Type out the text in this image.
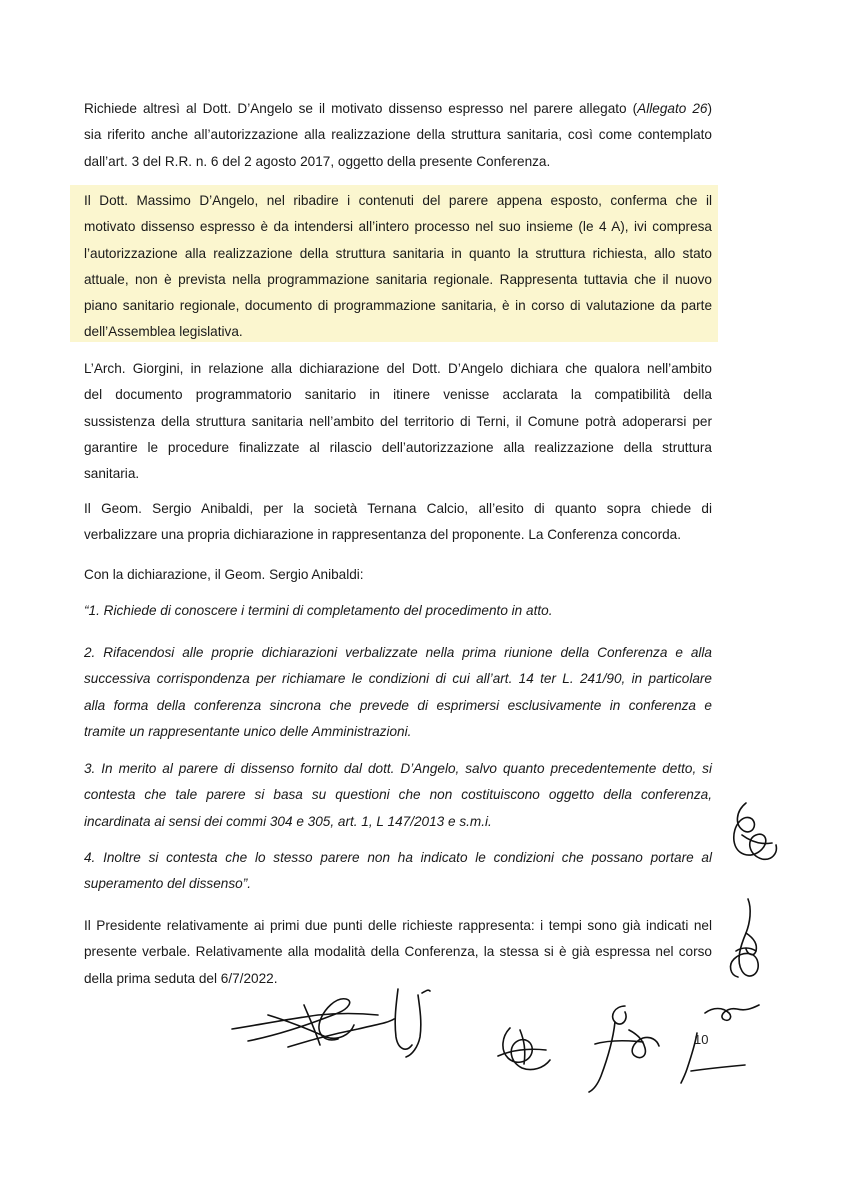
Richiede altresì al Dott. D’Angelo se il motivato dissenso espresso nel parere allegato (Allegato 26)
sia riferito anche all’autorizzazione alla realizzazione della struttura sanitaria, così come contemplato
dall’art. 3 del R.R. n. 6 del 2 agosto 2017, oggetto della presente Conferenza.
Il Dott. Massimo D’Angelo, nel ribadire i contenuti del parere appena esposto, conferma che il
motivato dissenso espresso è da intendersi all’intero processo nel suo insieme (le 4 A), ivi compresa
l’autorizzazione alla realizzazione della struttura sanitaria in quanto la struttura richiesta, allo stato
attuale, non è prevista nella programmazione sanitaria regionale. Rappresenta tuttavia che il nuovo
piano sanitario regionale, documento di programmazione sanitaria, è in corso di valutazione da parte
dell’Assemblea legislativa.
L’Arch. Giorgini, in relazione alla dichiarazione del Dott. D’Angelo dichiara che qualora nell’ambito
del documento programmatorio sanitario in itinere venisse acclarata la compatibilità della
sussistenza della struttura sanitaria nell’ambito del territorio di Terni, il Comune potrà adoperarsi per
garantire le procedure finalizzate al rilascio dell’autorizzazione alla realizzazione della struttura
sanitaria.
Il Geom. Sergio Anibaldi, per la società Ternana Calcio, all’esito di quanto sopra chiede di
verbalizzare una propria dichiarazione in rappresentanza del proponente. La Conferenza concorda.
Con la dichiarazione, il Geom. Sergio Anibaldi:
“1. Richiede di conoscere i termini di completamento del procedimento in atto.
2. Rifacendosi alle proprie dichiarazioni verbalizzate nella prima riunione della Conferenza e alla
successiva corrispondenza per richiamare le condizioni di cui all’art. 14 ter L. 241/90, in particolare
alla forma della conferenza sincrona che prevede di esprimersi esclusivamente in conferenza e
tramite un rappresentante unico delle Amministrazioni.
3. In merito al parere di dissenso fornito dal dott. D’Angelo, salvo quanto precedentemente detto, si
contesta che tale parere si basa su questioni che non costituiscono oggetto della conferenza,
incardinata ai sensi dei commi 304 e 305, art. 1, L 147/2013 e s.m.i.
4. Inoltre si contesta che lo stesso parere non ha indicato le condizioni che possano portare al
superamento del dissenso”.
Il Presidente relativamente ai primi due punti delle richieste rappresenta: i tempi sono già indicati nel
presente verbale. Relativamente alla modalità della Conferenza, la stessa si è già espressa nel corso
della prima seduta del 6/7/2022.
10
